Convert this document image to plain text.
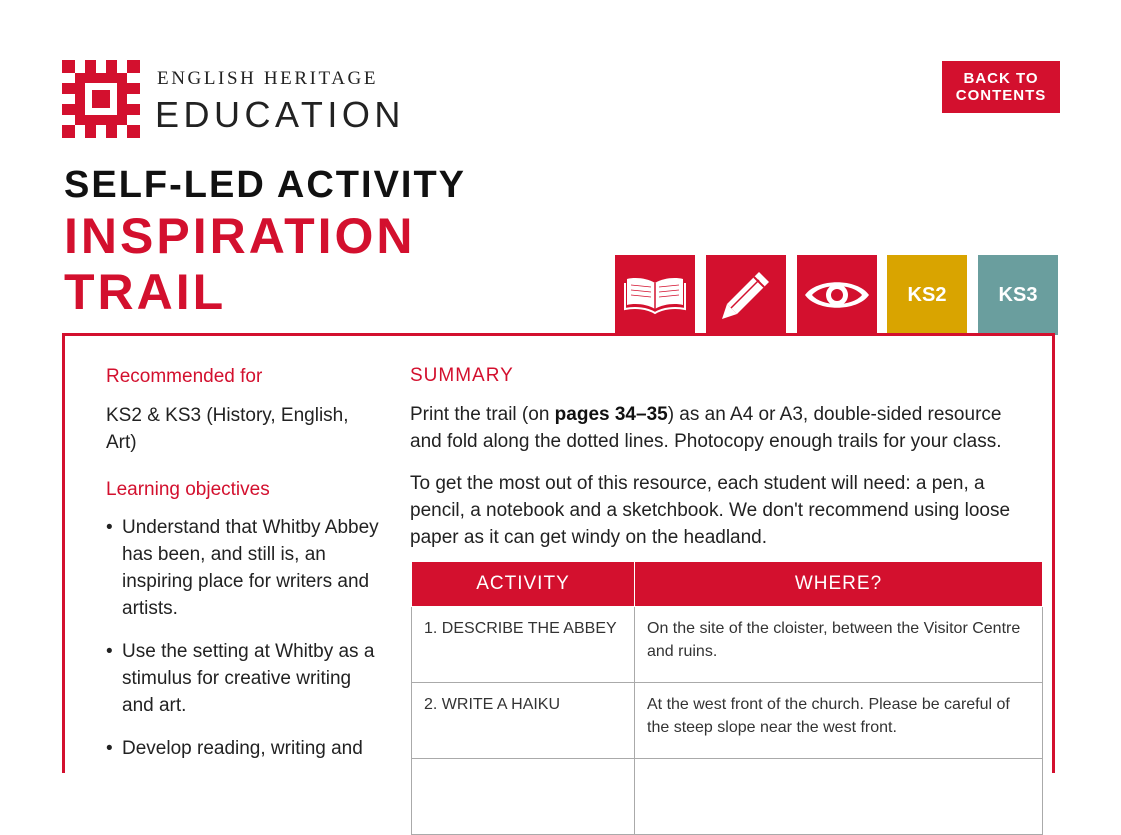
ENGLISH HERITAGE
EDUCATION
BACK TO
CONTENTS
SELF-LED ACTIVITY
INSPIRATION
TRAIL	KS2	KS3
Recommended for
KS2 & KS3 (History, English, Art)
Learning objectives
• Understand that Whitby Abbey has been, and still is, an inspiring place for writers and artists.
• Use the setting at Whitby as a stimulus for creative writing and art.
• Develop reading, writing and
SUMMARY
Print the trail (on pages 34–35) as an A4 or A3, double-sided resource and fold along the dotted lines. Photocopy enough trails for your class.
To get the most out of this resource, each student will need: a pen, a pencil, a notebook and a sketchbook. We don't recommend using loose paper as it can get windy on the headland.
ACTIVITY	WHERE?

1. DESCRIBE THE ABBEY	On the site of the cloister, between the Visitor Centre and ruins.

2. WRITE A HAIKU	At the west front of the church. Please be careful of the steep slope near the west front.
